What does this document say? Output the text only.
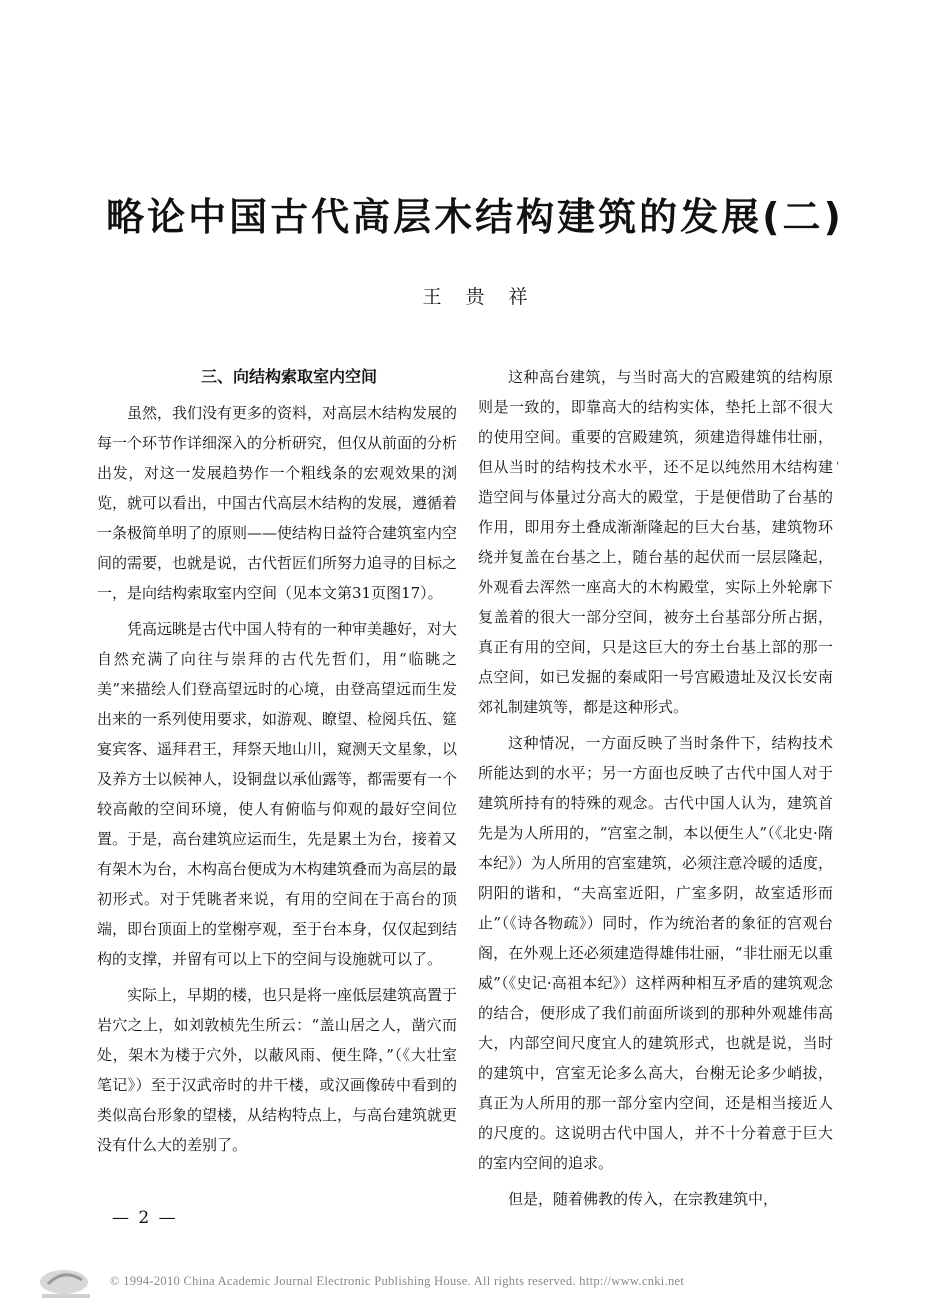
略论中国古代高层木结构建筑的发展(二)
王贵祥
ˈ

三、向结构索取室内空间

虽然，我们没有更多的资料，对高层木结构发展的每一个环节作详细深入的分析研究，但仅从前面的分析出发，对这一发展趋势作一个粗线条的宏观效果的浏览，就可以看出，中国古代高层木结构的发展，遵循着一条极简单明了的原则——使结构日益符合建筑室内空间的需要，也就是说，古代哲匠们所努力追寻的目标之一，是向结构索取室内空间（见本文第31页图17）。

凭高远眺是古代中国人特有的一种审美趣好，对大自然充满了向往与崇拜的古代先哲们，用“临眺之美”来描绘人们登高望远时的心境，由登高望远而生发出来的一系列使用要求，如游观、瞭望、检阅兵伍、筵宴宾客、遥拜君王，拜祭天地山川，窥测天文星象，以及养方士以候神人，设铜盘以承仙露等，都需要有一个较高敞的空间环境，使人有俯临与仰观的最好空间位置。于是，高台建筑应运而生，先是累土为台，接着又有架木为台，木构高台便成为木构建筑叠而为高层的最初形式。对于凭眺者来说，有用的空间在于高台的顶端，即台顶面上的堂榭亭观，至于台本身，仅仅起到结构的支撑，并留有可以上下的空间与设施就可以了。

实际上，早期的楼，也只是将一座低层建筑高置于岩穴之上，如刘敦桢先生所云：“盖山居之人，凿穴而处，架木为楼于穴外，以蔽风雨、便生降，”（《大壮室笔记》）至于汉武帝时的井干楼，或汉画像砖中看到的类似高台形象的望楼，从结构特点上，与高台建筑就更没有什么大的差别了。

这种高台建筑，与当时高大的宫殿建筑的结构原则是一致的，即靠高大的结构实体，垫托上部不很大的使用空间。重要的宫殿建筑，须建造得雄伟壮丽，但从当时的结构技术水平，还不足以纯然用木结构建造空间与体量过分高大的殿堂，于是便借助了台基的作用，即用夯土叠成渐渐隆起的巨大台基，建筑物环绕并复盖在台基之上，随台基的起伏而一层层隆起，外观看去浑然一座高大的木构殿堂，实际上外轮廓下复盖着的很大一部分空间，被夯土台基部分所占据，真正有用的空间，只是这巨大的夯土台基上部的那一点空间，如已发掘的秦咸阳一号宫殿遗址及汉长安南郊礼制建筑等，都是这种形式。

这种情况，一方面反映了当时条件下，结构技术所能达到的水平；另一方面也反映了古代中国人对于建筑所持有的特殊的观念。古代中国人认为，建筑首先是为人所用的，“宫室之制，本以便生人”（《北史·隋本纪》）为人所用的宫室建筑，必须注意冷暖的适度，阴阳的谐和，“夫高室近阳，广室多阴，故室适形而止”（《诗各物疏》）同时，作为统治者的象征的宫观台阁，在外观上还必须建造得雄伟壮丽，“非壮丽无以重威”（《史记·高祖本纪》）这样两种相互矛盾的建筑观念的结合，便形成了我们前面所谈到的那种外观雄伟高大，内部空间尺度宜人的建筑形式，也就是说，当时的建筑中，宫室无论多么高大，台榭无论多少峭拔，真正为人所用的那一部分室内空间，还是相当接近人的尺度的。这说明古代中国人，并不十分着意于巨大的室内空间的追求。

但是，随着佛教的传入，在宗教建筑中，

— 2 —
© 1994-2010 China Academic Journal Electronic Publishing House. All rights reserved. http://www.cnki.net
